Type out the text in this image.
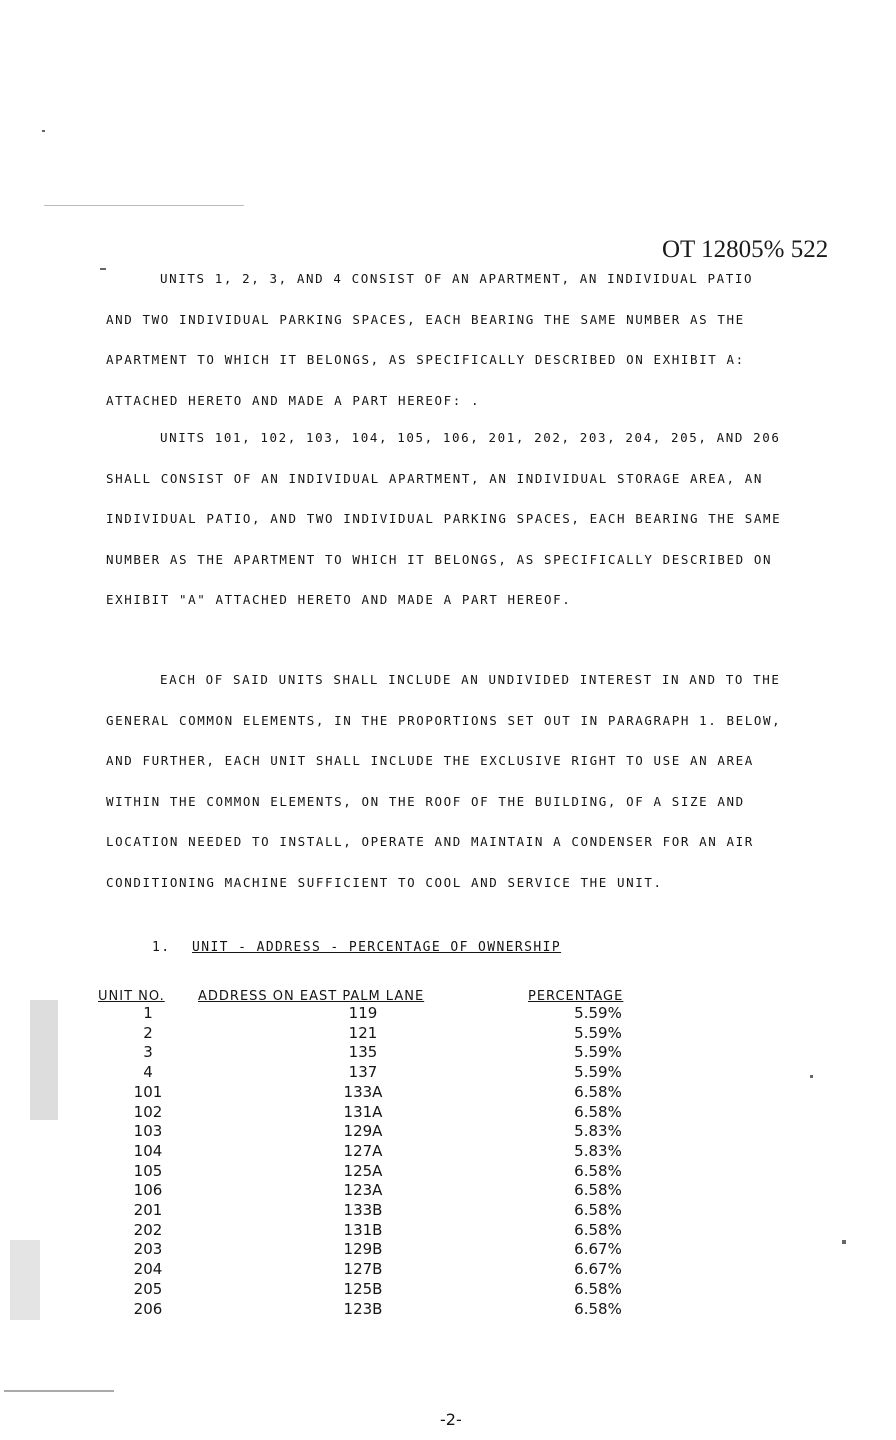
OT 12805% 522

UNITS 1, 2, 3, AND 4 CONSIST OF AN APARTMENT, AN INDIVIDUAL PATIO AND TWO INDIVIDUAL PARKING SPACES, EACH BEARING THE SAME NUMBER AS THE APARTMENT TO WHICH IT BELONGS, AS SPECIFICALLY DESCRIBED ON EXHIBIT A: ATTACHED HERETO AND MADE A PART HEREOF: .

UNITS 101, 102, 103, 104, 105, 106, 201, 202, 203, 204, 205, AND 206 SHALL CONSIST OF AN INDIVIDUAL APARTMENT, AN INDIVIDUAL STORAGE AREA, AN INDIVIDUAL PATIO, AND TWO INDIVIDUAL PARKING SPACES, EACH BEARING THE SAME NUMBER AS THE APARTMENT TO WHICH IT BELONGS, AS SPECIFICALLY DESCRIBED ON EXHIBIT "A" ATTACHED HERETO AND MADE A PART HEREOF.

EACH OF SAID UNITS SHALL INCLUDE AN UNDIVIDED INTEREST IN AND TO THE GENERAL COMMON ELEMENTS, IN THE PROPORTIONS SET OUT IN PARAGRAPH 1. BELOW, AND FURTHER, EACH UNIT SHALL INCLUDE THE EXCLUSIVE RIGHT TO USE AN AREA WITHIN THE COMMON ELEMENTS, ON THE ROOF OF THE BUILDING, OF A SIZE AND LOCATION NEEDED TO INSTALL, OPERATE AND MAINTAIN A CONDENSER FOR AN AIR CONDITIONING MACHINE SUFFICIENT TO COOL AND SERVICE THE UNIT.

1. UNIT - ADDRESS - PERCENTAGE OF OWNERSHIP
UNIT NO.	ADDRESS ON EAST PALM LANE	PERCENTAGE
1	119	5.59%
2	121	5.59%
3	135	5.59%
4	137	5.59%
101	133A	6.58%
102	131A	6.58%
103	129A	5.83%
104	127A	5.83%
105	125A	6.58%
106	123A	6.58%
201	133B	6.58%
202	131B	6.58%
203	129B	6.67%
204	127B	6.67%
205	125B	6.58%
206	123B	6.58%
-2-
